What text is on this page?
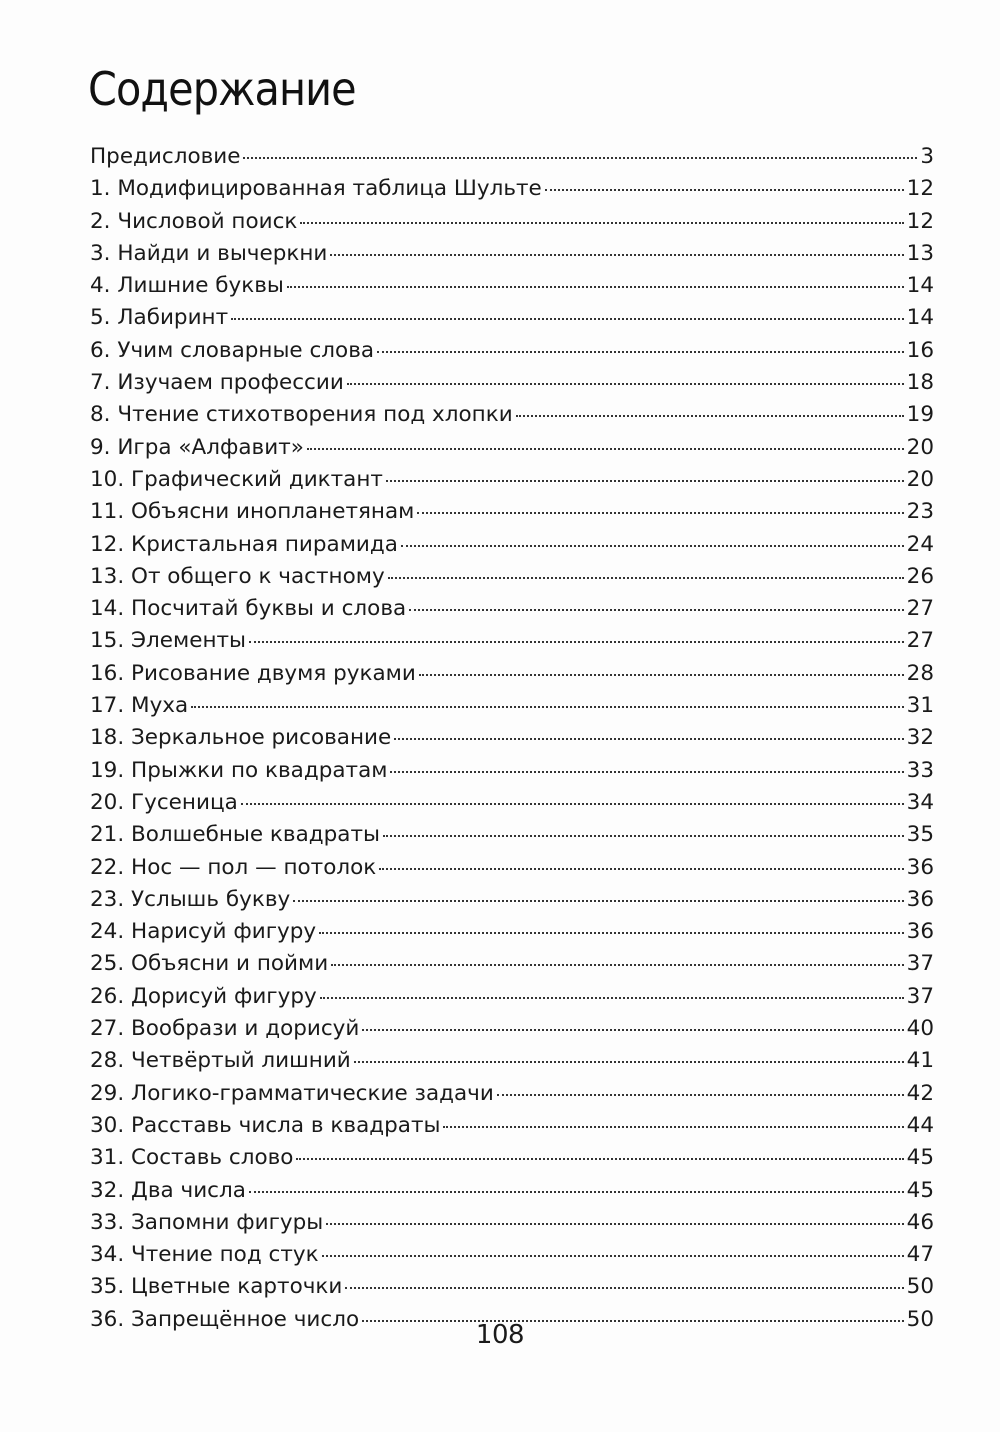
Содержание
Предисловие	3
1. Модифицированная таблица Шульте	12
2. Числовой поиск	12
3. Найди и вычеркни	13
4. Лишние буквы	14
5. Лабиринт	14
6. Учим словарные слова	16
7. Изучаем профессии	18
8. Чтение стихотворения под хлопки	19
9. Игра «Алфавит»	20
10. Графический диктант	20
11. Объясни инопланетянам	23
12. Кристальная пирамида	24
13. От общего к частному	26
14. Посчитай буквы и слова	27
15. Элементы	27
16. Рисование двумя руками	28
17. Муха	31
18. Зеркальное рисование	32
19. Прыжки по квадратам	33
20. Гусеница	34
21. Волшебные квадраты	35
22. Нос — пол — потолок	36
23. Услышь букву	36
24. Нарисуй фигуру	36
25. Объясни и пойми	37
26. Дорисуй фигуру	37
27. Вообрази и дорисуй	40
28. Четвёртый лишний	41
29. Логико-грамматические задачи	42
30. Расставь числа в квадраты	44
31. Составь слово	45
32. Два числа	45
33. Запомни фигуры	46
34. Чтение под стук	47
35. Цветные карточки	50
36. Запрещённое число	50
108
